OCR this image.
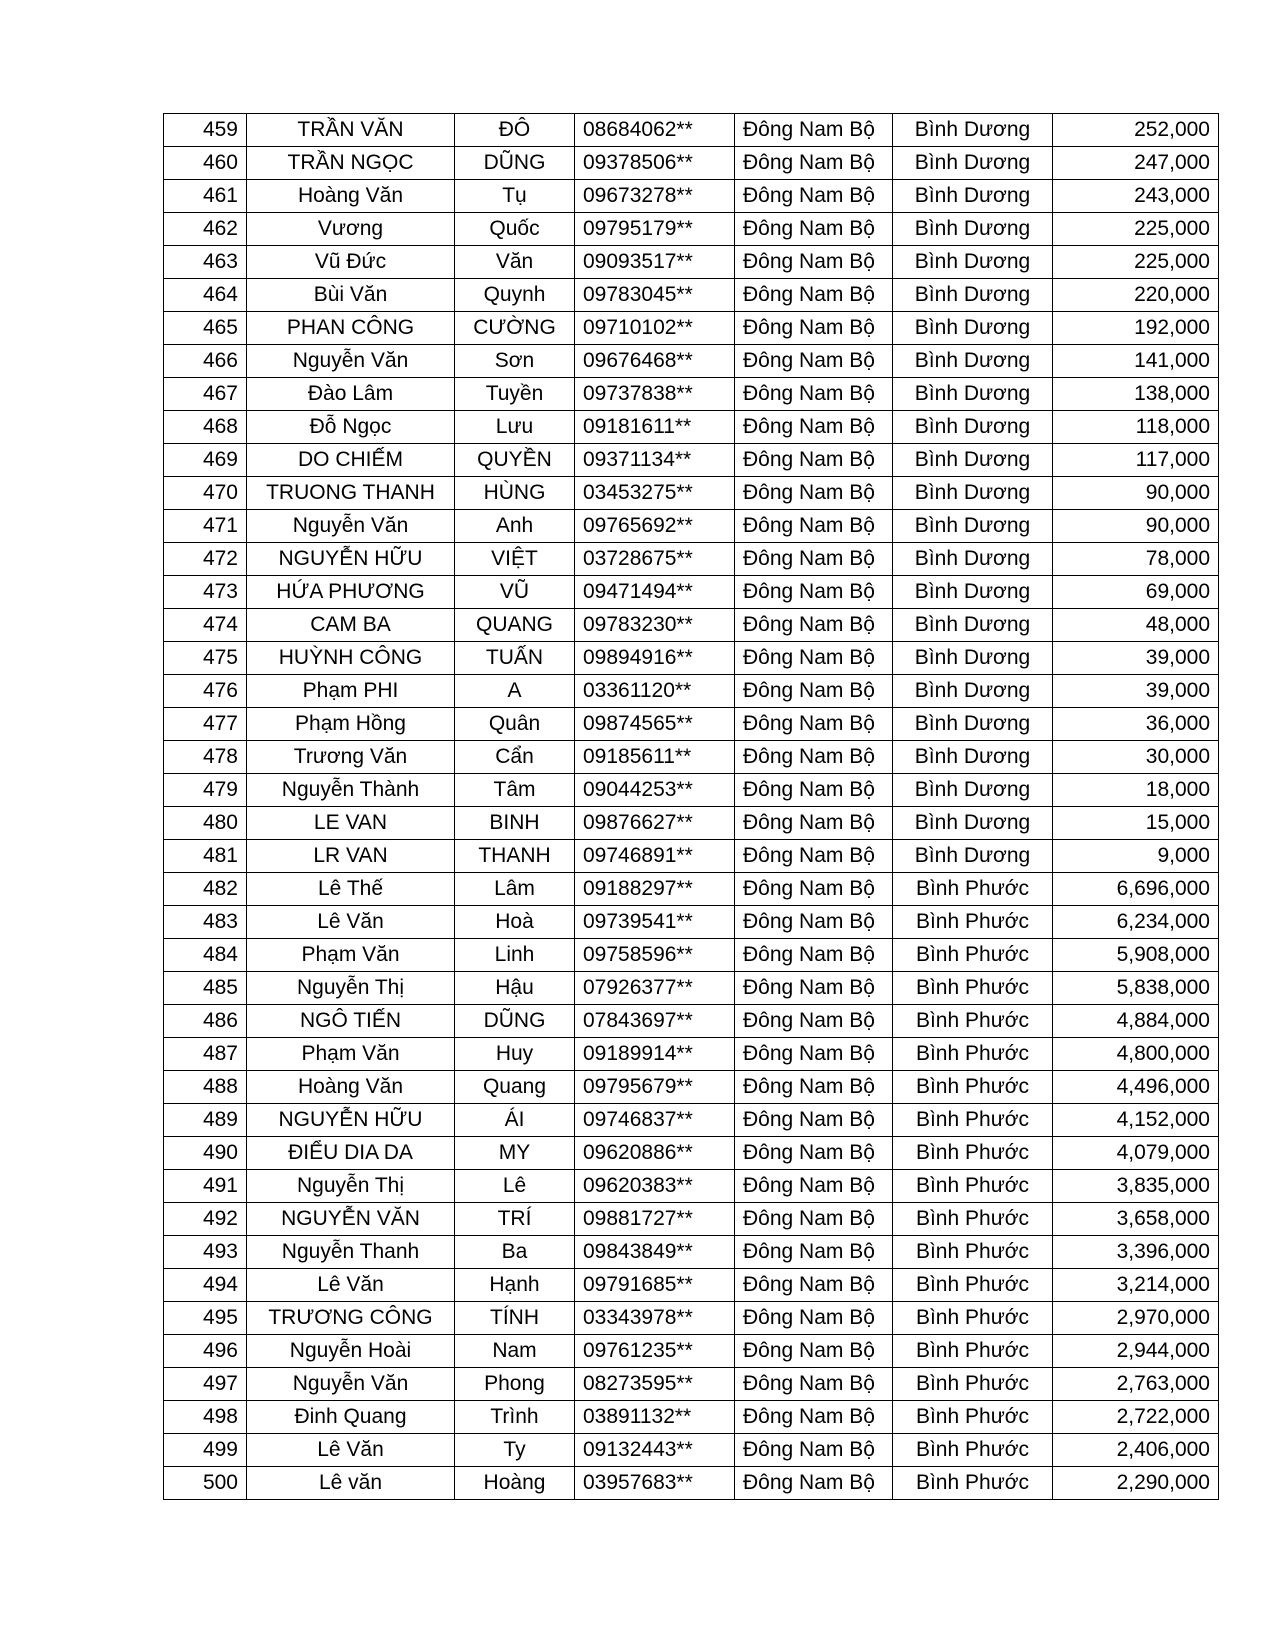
459	TRẦN VĂN	ĐÔ	08684062**	Đông Nam Bộ	Bình Dương	252,000
460	TRẦN NGỌC	DŨNG	09378506**	Đông Nam Bộ	Bình Dương	247,000
461	Hoàng Văn	Tụ	09673278**	Đông Nam Bộ	Bình Dương	243,000
462	Vương	Quốc	09795179**	Đông Nam Bộ	Bình Dương	225,000
463	Vũ Đức	Văn	09093517**	Đông Nam Bộ	Bình Dương	225,000
464	Bùi Văn	Quynh	09783045**	Đông Nam Bộ	Bình Dương	220,000
465	PHAN CÔNG	CƯỜNG	09710102**	Đông Nam Bộ	Bình Dương	192,000
466	Nguyễn Văn	Sơn	09676468**	Đông Nam Bộ	Bình Dương	141,000
467	Đào Lâm	Tuyền	09737838**	Đông Nam Bộ	Bình Dương	138,000
468	Đỗ Ngọc	Lưu	09181611**	Đông Nam Bộ	Bình Dương	118,000
469	DO CHIẾM	QUYỀN	09371134**	Đông Nam Bộ	Bình Dương	117,000
470	TRUONG THANH	HÙNG	03453275**	Đông Nam Bộ	Bình Dương	90,000
471	Nguyễn Văn	Anh	09765692**	Đông Nam Bộ	Bình Dương	90,000
472	NGUYỄN HỮU	VIỆT	03728675**	Đông Nam Bộ	Bình Dương	78,000
473	HỨA PHƯƠNG	VŨ	09471494**	Đông Nam Bộ	Bình Dương	69,000
474	CAM BA	QUANG	09783230**	Đông Nam Bộ	Bình Dương	48,000
475	HUỲNH CÔNG	TUẤN	09894916**	Đông Nam Bộ	Bình Dương	39,000
476	Phạm PHI	A	03361120**	Đông Nam Bộ	Bình Dương	39,000
477	Phạm Hồng	Quân	09874565**	Đông Nam Bộ	Bình Dương	36,000
478	Trương Văn	Cẩn	09185611**	Đông Nam Bộ	Bình Dương	30,000
479	Nguyễn Thành	Tâm	09044253**	Đông Nam Bộ	Bình Dương	18,000
480	LE VAN	BINH	09876627**	Đông Nam Bộ	Bình Dương	15,000
481	LR VAN	THANH	09746891**	Đông Nam Bộ	Bình Dương	9,000
482	Lê Thế	Lâm	09188297**	Đông Nam Bộ	Bình Phước	6,696,000
483	Lê Văn	Hoà	09739541**	Đông Nam Bộ	Bình Phước	6,234,000
484	Phạm Văn	Linh	09758596**	Đông Nam Bộ	Bình Phước	5,908,000
485	Nguyễn Thị	Hậu	07926377**	Đông Nam Bộ	Bình Phước	5,838,000
486	NGÔ TIẾN	DŨNG	07843697**	Đông Nam Bộ	Bình Phước	4,884,000
487	Phạm Văn	Huy	09189914**	Đông Nam Bộ	Bình Phước	4,800,000
488	Hoàng Văn	Quang	09795679**	Đông Nam Bộ	Bình Phước	4,496,000
489	NGUYỄN HỮU	ÁI	09746837**	Đông Nam Bộ	Bình Phước	4,152,000
490	ĐIỂU DIA DA	MY	09620886**	Đông Nam Bộ	Bình Phước	4,079,000
491	Nguyễn Thị	Lê	09620383**	Đông Nam Bộ	Bình Phước	3,835,000
492	NGUYỄN VĂN	TRÍ	09881727**	Đông Nam Bộ	Bình Phước	3,658,000
493	Nguyễn Thanh	Ba	09843849**	Đông Nam Bộ	Bình Phước	3,396,000
494	Lê Văn	Hạnh	09791685**	Đông Nam Bộ	Bình Phước	3,214,000
495	TRƯƠNG CÔNG	TÍNH	03343978**	Đông Nam Bộ	Bình Phước	2,970,000
496	Nguyễn Hoài	Nam	09761235**	Đông Nam Bộ	Bình Phước	2,944,000
497	Nguyễn Văn	Phong	08273595**	Đông Nam Bộ	Bình Phước	2,763,000
498	Đinh Quang	Trình	03891132**	Đông Nam Bộ	Bình Phước	2,722,000
499	Lê Văn	Ty	09132443**	Đông Nam Bộ	Bình Phước	2,406,000
500	Lê văn	Hoàng	03957683**	Đông Nam Bộ	Bình Phước	2,290,000
